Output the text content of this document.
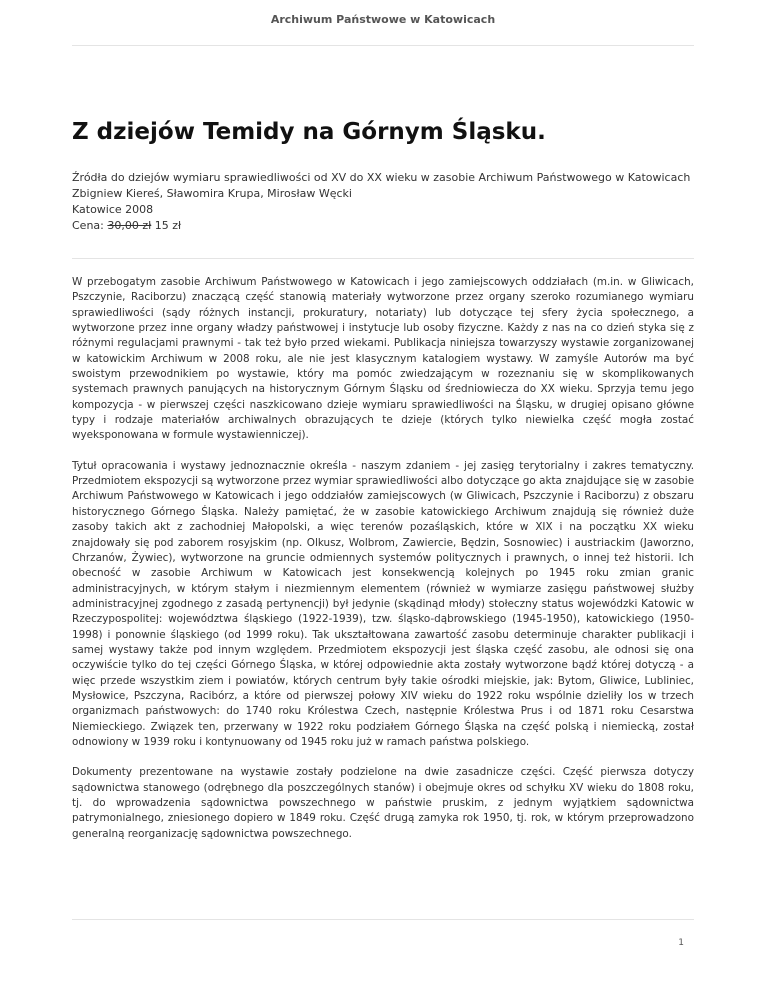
Archiwum Państwowe w Katowicach
Z dziejów Temidy na Górnym Śląsku.
Źródła do dziejów wymiaru sprawiedliwości od XV do XX wieku w zasobie Archiwum Państwowego w Katowicach
Zbigniew Kiereś, Sławomira Krupa, Mirosław Węcki
Katowice 2008
Cena: 30,00 zł 15 zł

W przebogatym zasobie Archiwum Państwowego w Katowicach i jego zamiejscowych oddziałach (m.in. w Gliwicach, Pszczynie, Raciborzu) znaczącą część stanowią materiały wytworzone przez organy szeroko rozumianego wymiaru sprawiedliwości (sądy różnych instancji, prokuratury, notariaty) lub dotyczące tej sfery życia społecznego, a wytworzone przez inne organy władzy państwowej i instytucje lub osoby fizyczne. Każdy z nas na co dzień styka się z różnymi regulacjami prawnymi - tak też było przed wiekami. Publikacja niniejsza towarzyszy wystawie zorganizowanej w katowickim Archiwum w 2008 roku, ale nie jest klasycznym katalogiem wystawy. W zamyśle Autorów ma być swoistym przewodnikiem po wystawie, który ma pomóc zwiedzającym w rozeznaniu się w skomplikowanych systemach prawnych panujących na historycznym Górnym Śląsku od średniowiecza do XX wieku. Sprzyja temu jego kompozycja - w pierwszej części naszkicowano dzieje wymiaru sprawiedliwości na Śląsku, w drugiej opisano główne typy i rodzaje materiałów archiwalnych obrazujących te dzieje (których tylko niewielka część mogła zostać wyeksponowana w formule wystawienniczej).

Tytuł opracowania i wystawy jednoznacznie określa - naszym zdaniem - jej zasięg terytorialny i zakres tematyczny. Przedmiotem ekspozycji są wytworzone przez wymiar sprawiedliwości albo dotyczące go akta znajdujące się w zasobie Archiwum Państwowego w Katowicach i jego oddziałów zamiejscowych (w Gliwicach, Pszczynie i Raciborzu) z obszaru historycznego Górnego Śląska. Należy pamiętać, że w zasobie katowickiego Archiwum znajdują się również duże zasoby takich akt z zachodniej Małopolski, a więc terenów pozaśląskich, które w XIX i na początku XX wieku znajdowały się pod zaborem rosyjskim (np. Olkusz, Wolbrom, Zawiercie, Będzin, Sosnowiec) i austriackim (Jaworzno, Chrzanów, Żywiec), wytworzone na gruncie odmiennych systemów politycznych i prawnych, o innej też historii. Ich obecność w zasobie Archiwum w Katowicach jest konsekwencją kolejnych po 1945 roku zmian granic administracyjnych, w którym stałym i niezmiennym elementem (również w wymiarze zasięgu państwowej służby administracyjnej zgodnego z zasadą pertynencji) był jedynie (skądinąd młody) stołeczny status wojewódzki Katowic w Rzeczypospolitej: województwa śląskiego (1922-1939), tzw. śląsko-dąbrowskiego (1945-1950), katowickiego (1950-1998) i ponownie śląskiego (od 1999 roku). Tak ukształtowana zawartość zasobu determinuje charakter publikacji i samej wystawy także pod innym względem. Przedmiotem ekspozycji jest śląska część zasobu, ale odnosi się ona oczywiście tylko do tej części Górnego Śląska, w której odpowiednie akta zostały wytworzone bądź której dotyczą - a więc przede wszystkim ziem i powiatów, których centrum były takie ośrodki miejskie, jak: Bytom, Gliwice, Lubliniec, Mysłowice, Pszczyna, Racibórz, a które od pierwszej połowy XIV wieku do 1922 roku wspólnie dzieliły los w trzech organizmach państwowych: do 1740 roku Królestwa Czech, następnie Królestwa Prus i od 1871 roku Cesarstwa Niemieckiego. Związek ten, przerwany w 1922 roku podziałem Górnego Śląska na część polską i niemiecką, został odnowiony w 1939 roku i kontynuowany od 1945 roku już w ramach państwa polskiego.

Dokumenty prezentowane na wystawie zostały podzielone na dwie zasadnicze części. Część pierwsza dotyczy sądownictwa stanowego (odrębnego dla poszczególnych stanów) i obejmuje okres od schyłku XV wieku do 1808 roku, tj. do wprowadzenia sądownictwa powszechnego w państwie pruskim, z jednym wyjątkiem sądownictwa patrymonialnego, zniesionego dopiero w 1849 roku. Część drugą zamyka rok 1950, tj. rok, w którym przeprowadzono generalną reorganizację sądownictwa powszechnego.

1
